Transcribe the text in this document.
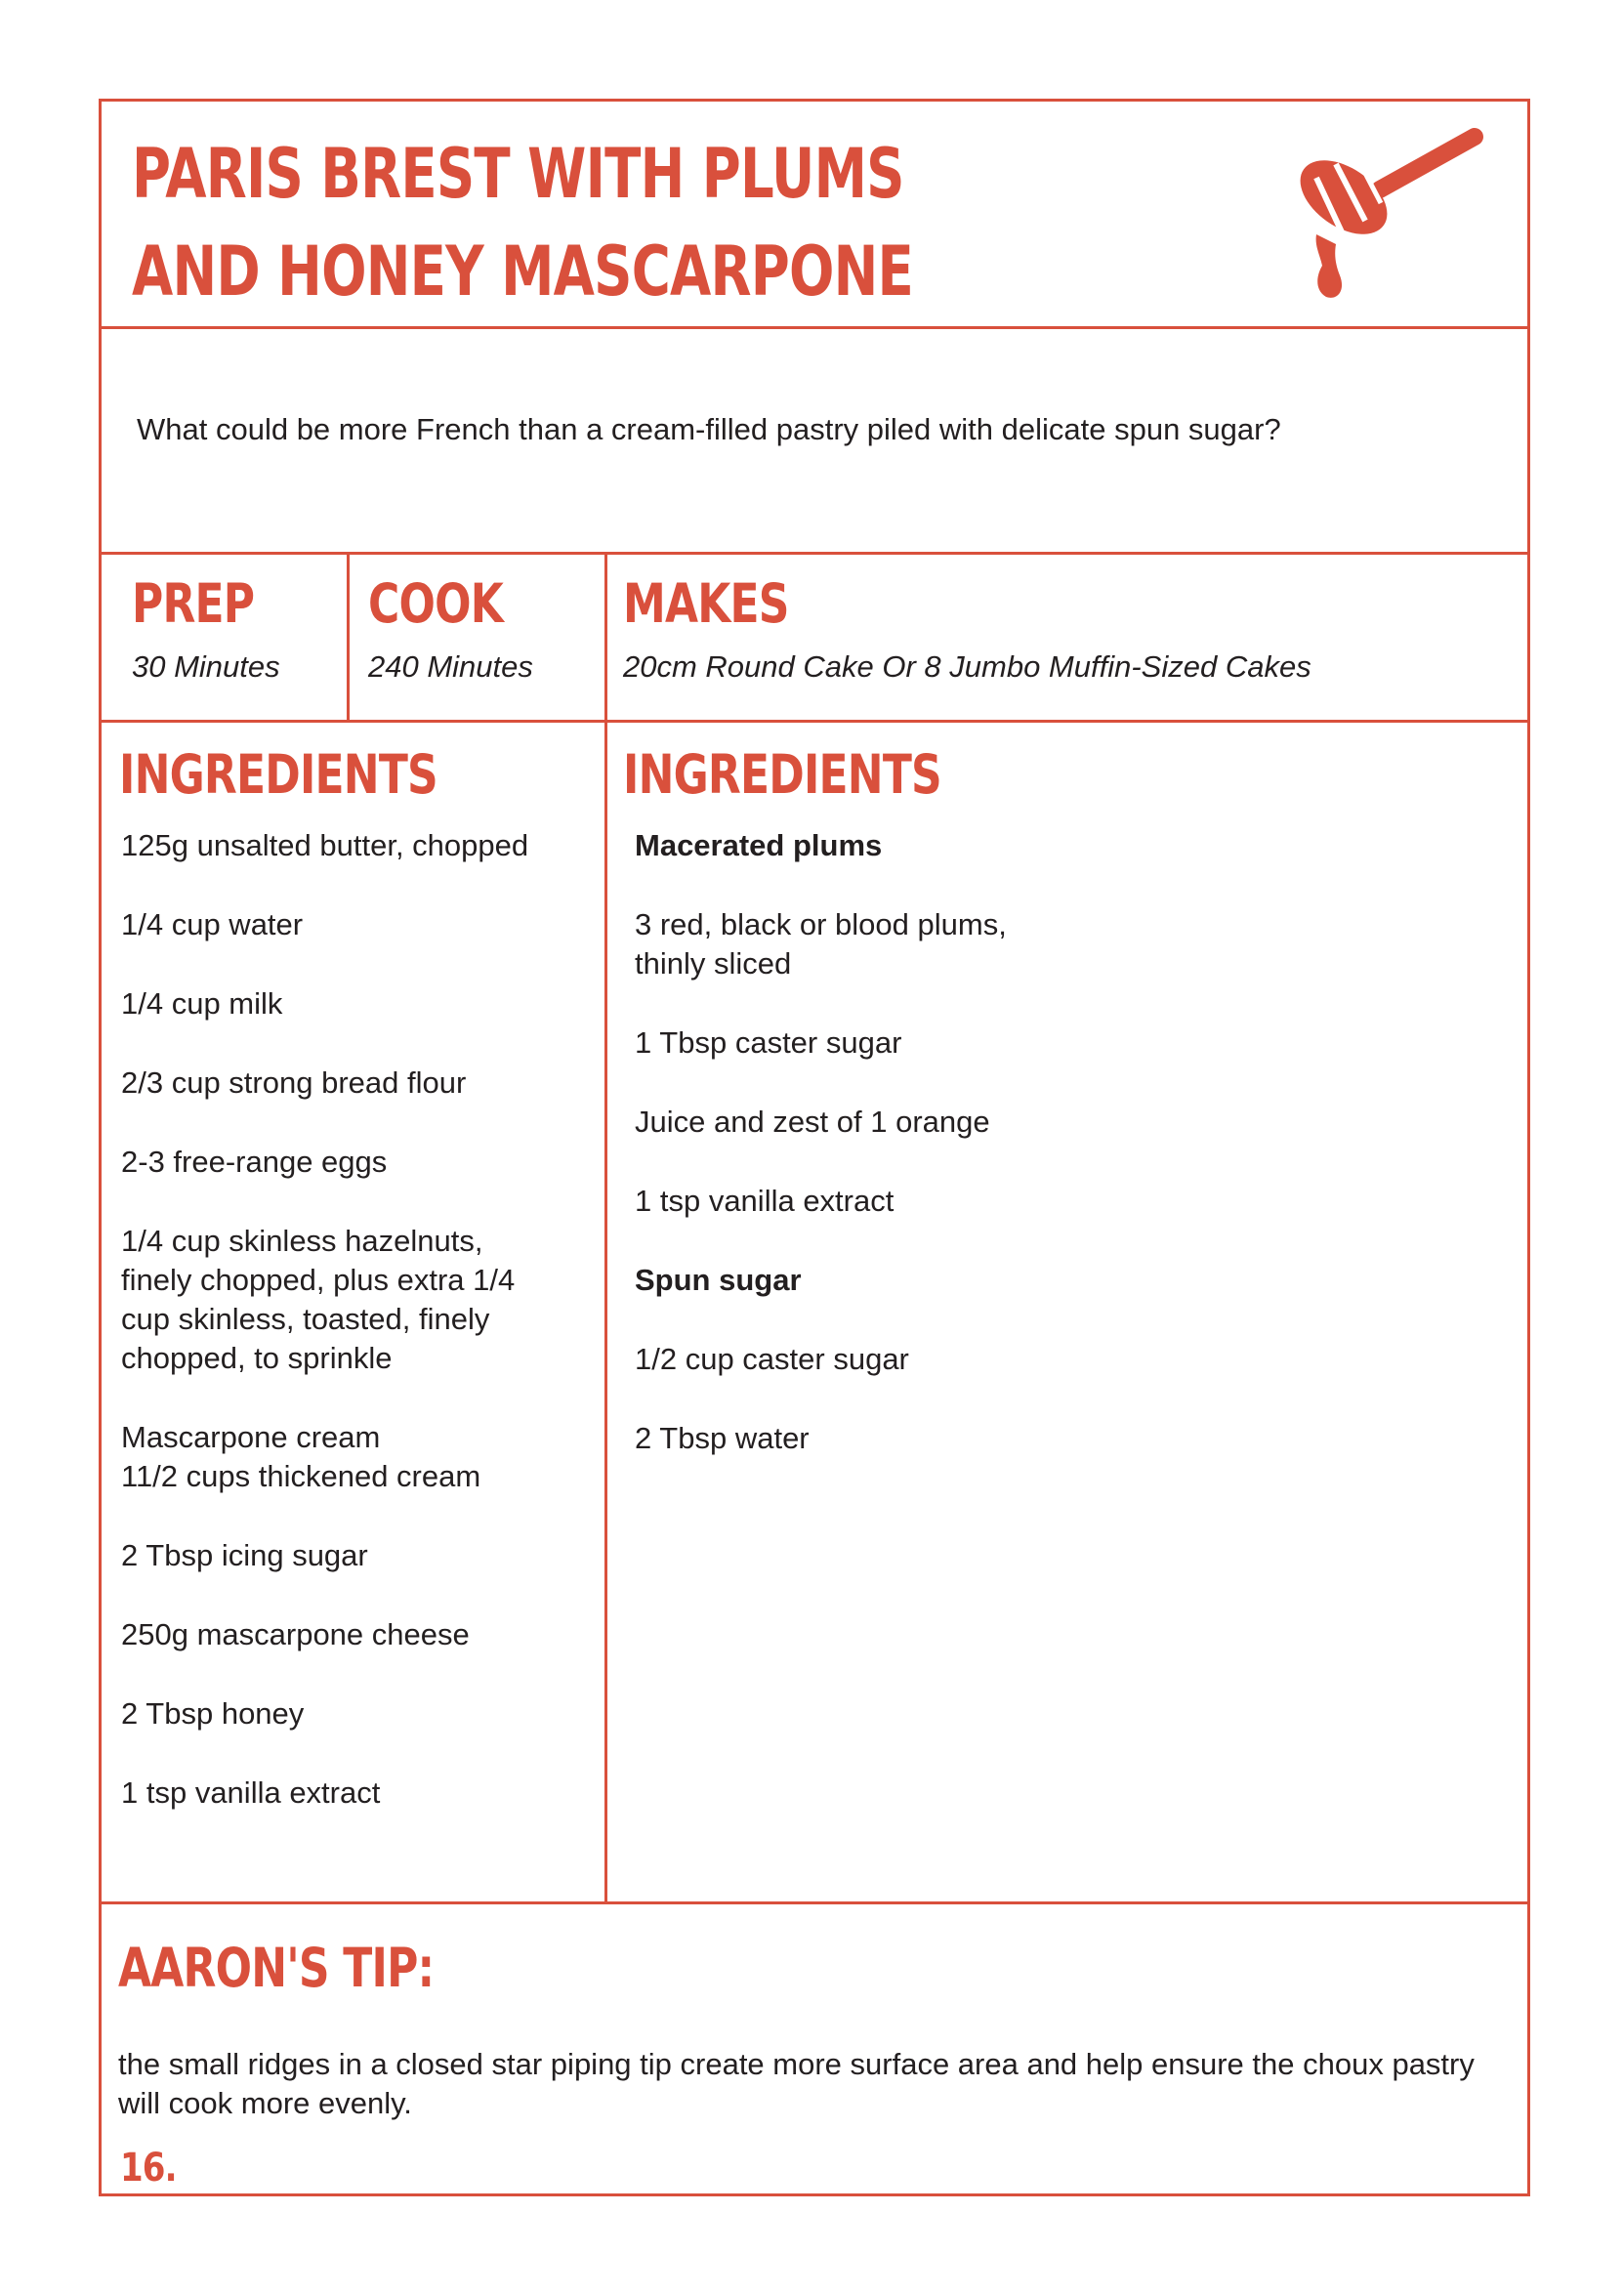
PARIS BREST WITH PLUMS
AND HONEY MASCARPONE
What could be more French than a cream-filled pastry piled with delicate spun sugar?
PREP
30 Minutes
COOK
240 Minutes
MAKES
20cm Round Cake Or 8 Jumbo Muffin-Sized Cakes
INGREDIENTS

125g unsalted butter, chopped

1/4 cup water

1/4 cup milk

2/3 cup strong bread flour

2-3 free-range eggs

1/4 cup skinless hazelnuts,
finely chopped, plus extra 1/4
cup skinless, toasted, finely
chopped, to sprinkle

Mascarpone cream
11/2 cups thickened cream

2 Tbsp icing sugar

250g mascarpone cheese

2 Tbsp honey

1 tsp vanilla extract

INGREDIENTS

Macerated plums

3 red, black or blood plums,
thinly sliced

1 Tbsp caster sugar

Juice and zest of 1 orange

1 tsp vanilla extract

Spun sugar

1/2 cup caster sugar

2 Tbsp water

AARON'S TIP:
the small ridges in a closed star piping tip create more surface area and help ensure the choux pastry will cook more evenly.
16.
